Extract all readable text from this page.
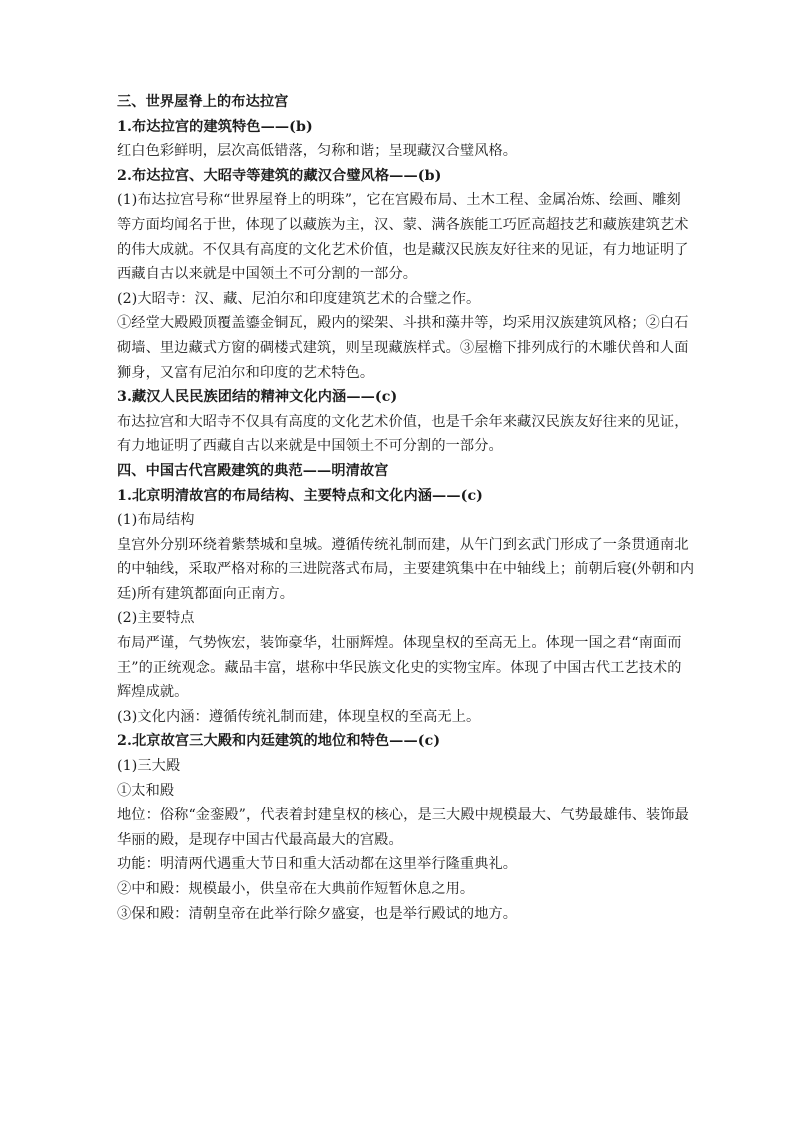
三、世界屋脊上的布达拉宫
1.布达拉宫的建筑特色——(b)
红白色彩鲜明，层次高低错落，匀称和谐；呈现藏汉合璧风格。
2.布达拉宫、大昭寺等建筑的藏汉合璧风格——(b)
(1)布达拉宫号称“世界屋脊上的明珠”，它在宫殿布局、土木工程、金属冶炼、绘画、雕刻
等方面均闻名于世，体现了以藏族为主，汉、蒙、满各族能工巧匠高超技艺和藏族建筑艺术
的伟大成就。不仅具有高度的文化艺术价值，也是藏汉民族友好往来的见证，有力地证明了
西藏自古以来就是中国领土不可分割的一部分。
(2)大昭寺：汉、藏、尼泊尔和印度建筑艺术的合璧之作。
①经堂大殿殿顶覆盖鎏金铜瓦，殿内的梁架、斗拱和藻井等，均采用汉族建筑风格；②白石
砌墙、里边藏式方窗的碉楼式建筑，则呈现藏族样式。③屋檐下排列成行的木雕伏兽和人面
狮身，又富有尼泊尔和印度的艺术特色。
3.藏汉人民民族团结的精神文化内涵——(c)
布达拉宫和大昭寺不仅具有高度的文化艺术价值，也是千余年来藏汉民族友好往来的见证，
有力地证明了西藏自古以来就是中国领土不可分割的一部分。
四、中国古代宫殿建筑的典范——明清故宫
1.北京明清故宫的布局结构、主要特点和文化内涵——(c)
(1)布局结构
皇宫外分别环绕着紫禁城和皇城。遵循传统礼制而建，从午门到玄武门形成了一条贯通南北
的中轴线，采取严格对称的三进院落式布局，主要建筑集中在中轴线上；前朝后寝(外朝和内
廷)所有建筑都面向正南方。
(2)主要特点
布局严谨，气势恢宏，装饰豪华，壮丽辉煌。体现皇权的至高无上。体现一国之君“南面而
王”的正统观念。藏品丰富，堪称中华民族文化史的实物宝库。体现了中国古代工艺技术的
辉煌成就。
(3)文化内涵：遵循传统礼制而建，体现皇权的至高无上。
2.北京故宫三大殿和内廷建筑的地位和特色——(c)
(1)三大殿
①太和殿
地位：俗称“金銮殿”，代表着封建皇权的核心，是三大殿中规模最大、气势最雄伟、装饰最
华丽的殿，是现存中国古代最高最大的宫殿。
功能：明清两代遇重大节日和重大活动都在这里举行隆重典礼。
②中和殿：规模最小，供皇帝在大典前作短暂休息之用。
③保和殿：清朝皇帝在此举行除夕盛宴，也是举行殿试的地方。
